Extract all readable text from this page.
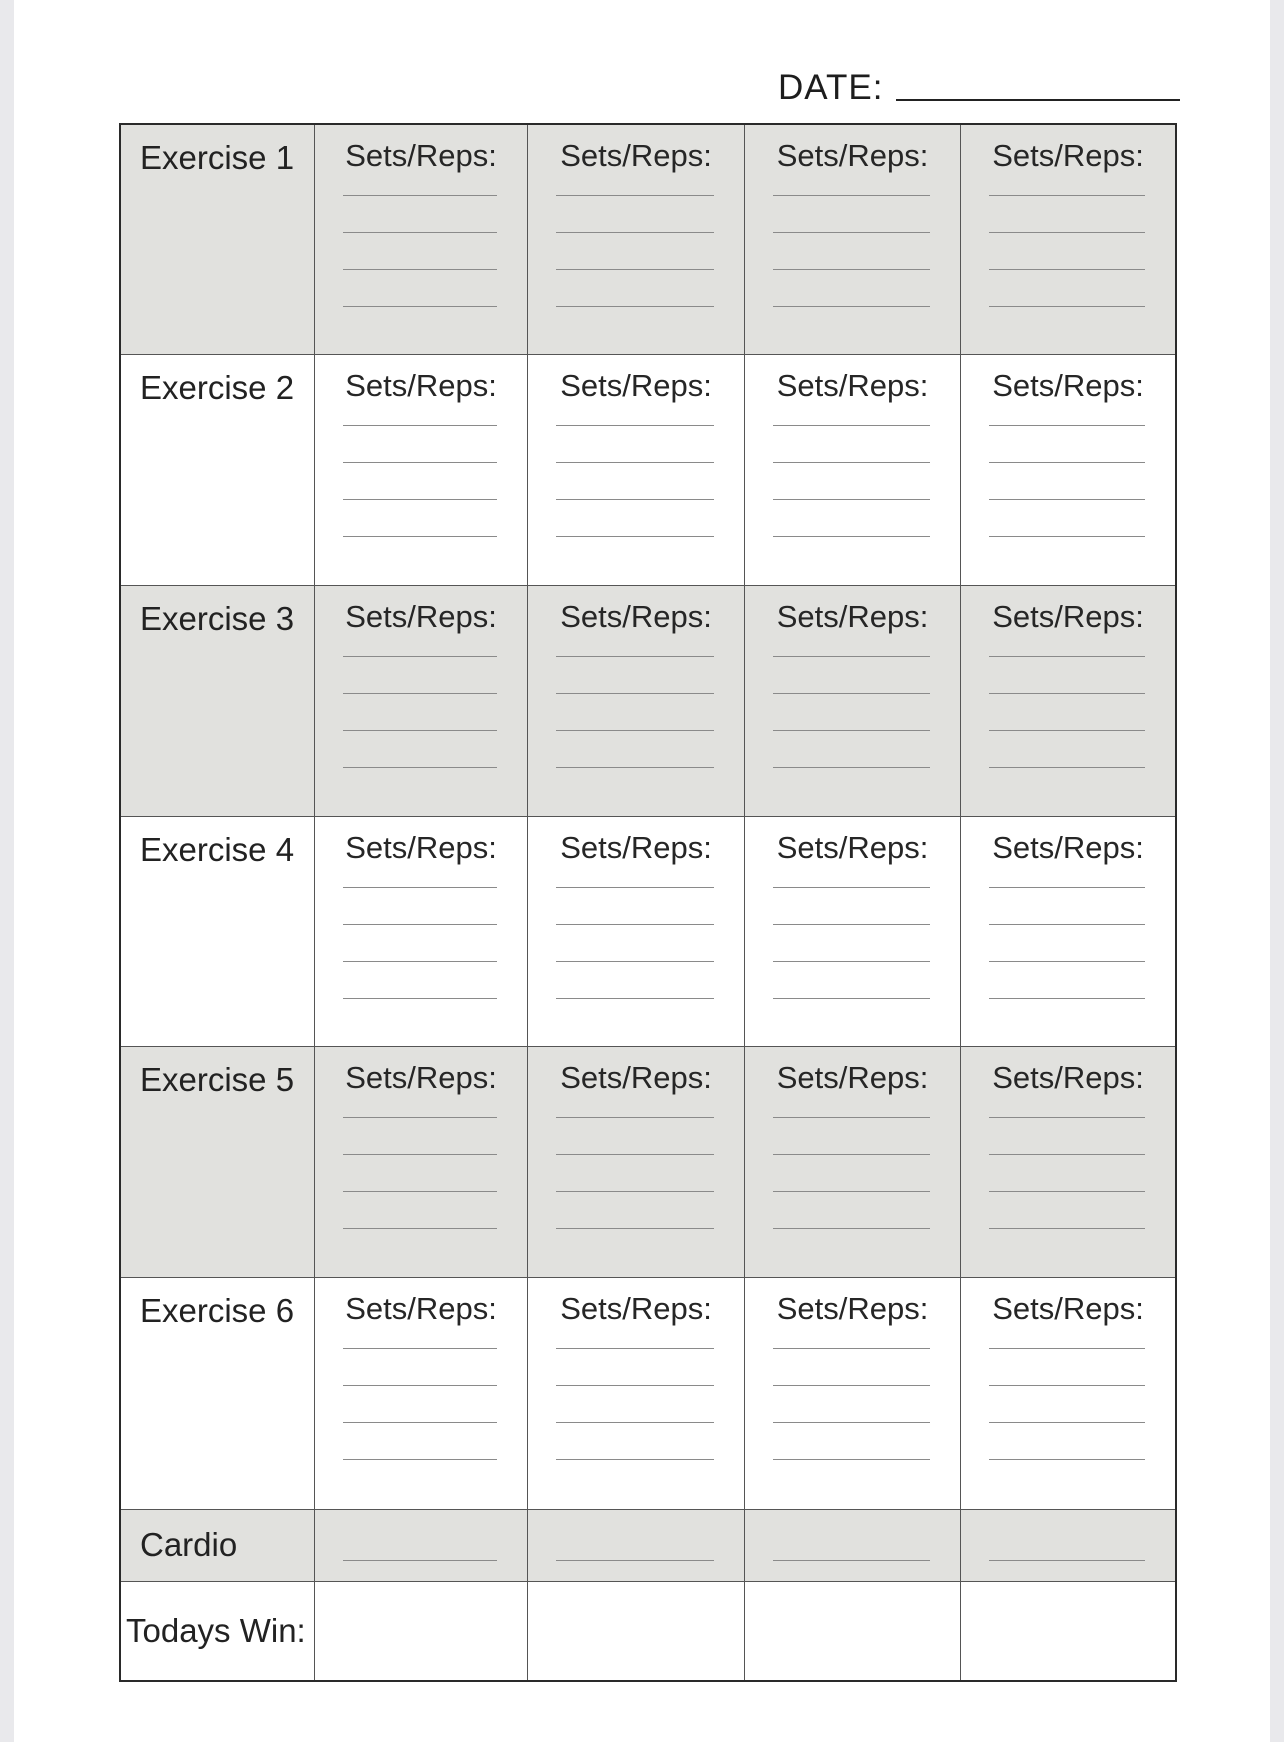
DATE:
Exercise 1	Sets/Reps:	Sets/Reps:	Sets/Reps:	Sets/Reps:
Exercise 2	Sets/Reps:	Sets/Reps:	Sets/Reps:	Sets/Reps:
Exercise 3	Sets/Reps:	Sets/Reps:	Sets/Reps:	Sets/Reps:
Exercise 4	Sets/Reps:	Sets/Reps:	Sets/Reps:	Sets/Reps:
Exercise 5	Sets/Reps:	Sets/Reps:	Sets/Reps:	Sets/Reps:
Exercise 6	Sets/Reps:	Sets/Reps:	Sets/Reps:	Sets/Reps:
Cardio
Todays Win:
